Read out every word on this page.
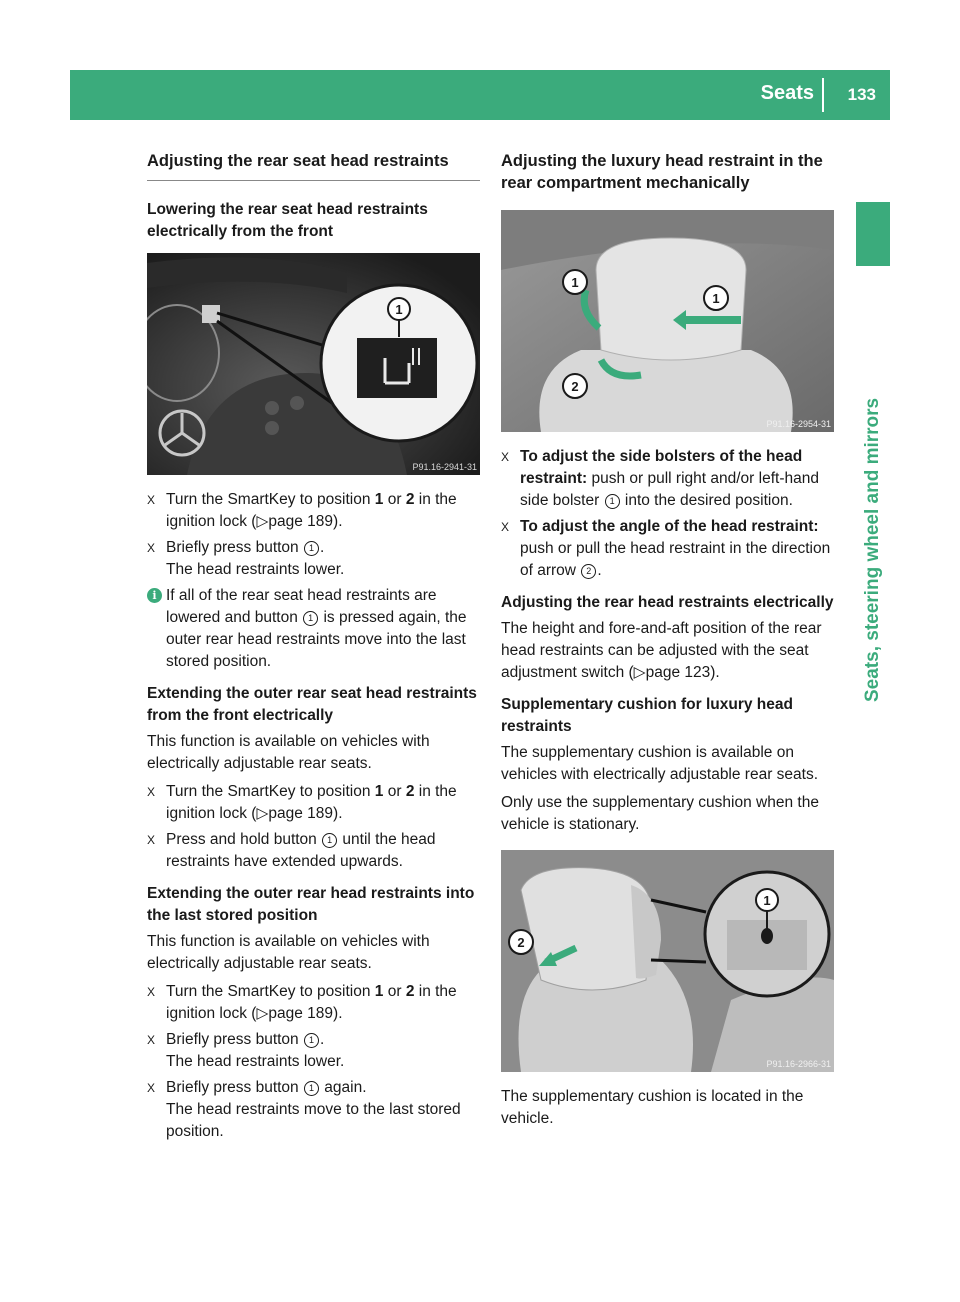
Seats 133
Seats, steering wheel and mirrors
Adjusting the rear seat head restraints
Lowering the rear seat head restraints electrically from the front
1
P91.16-2941-31
X Turn the SmartKey to position 1 or 2 in the ignition lock (▷page 189).
X Briefly press button 1 .
The head restraints lower.
i If all of the rear seat head restraints are lowered and button 1 is pressed again, the outer rear head restraints move into the last stored position.
Extending the outer rear seat head restraints from the front electrically

This function is available on vehicles with electrically adjustable rear seats.

X Turn the SmartKey to position 1 or 2 in the ignition lock (▷page 189).
X Press and hold button 1 until the head restraints have extended upwards.
Extending the outer rear head restraints into the last stored position

This function is available on vehicles with electrically adjustable rear seats.

X Turn the SmartKey to position 1 or 2 in the ignition lock (▷page 189).
X Briefly press button 1 .
The head restraints lower.
X Briefly press button 1 again.
The head restraints move to the last stored position.
Adjusting the luxury head restraint in the rear compartment mechanically
1
1
2
P91.16-2954-31
X To adjust the side bolsters of the head restraint: push or pull right and/or left-hand side bolster 1 into the desired position.
X To adjust the angle of the head restraint: push or pull the head restraint in the direction of arrow 2 .
Adjusting the rear head restraints electrically

The height and fore-and-aft position of the rear head restraints can be adjusted with the seat adjustment switch (▷page 123).

Supplementary cushion for luxury head restraints

The supplementary cushion is available on vehicles with electrically adjustable rear seats.

Only use the supplementary cushion when the vehicle is stationary.

1
2
P91.16-2966-31

The supplementary cushion is located in the vehicle.
